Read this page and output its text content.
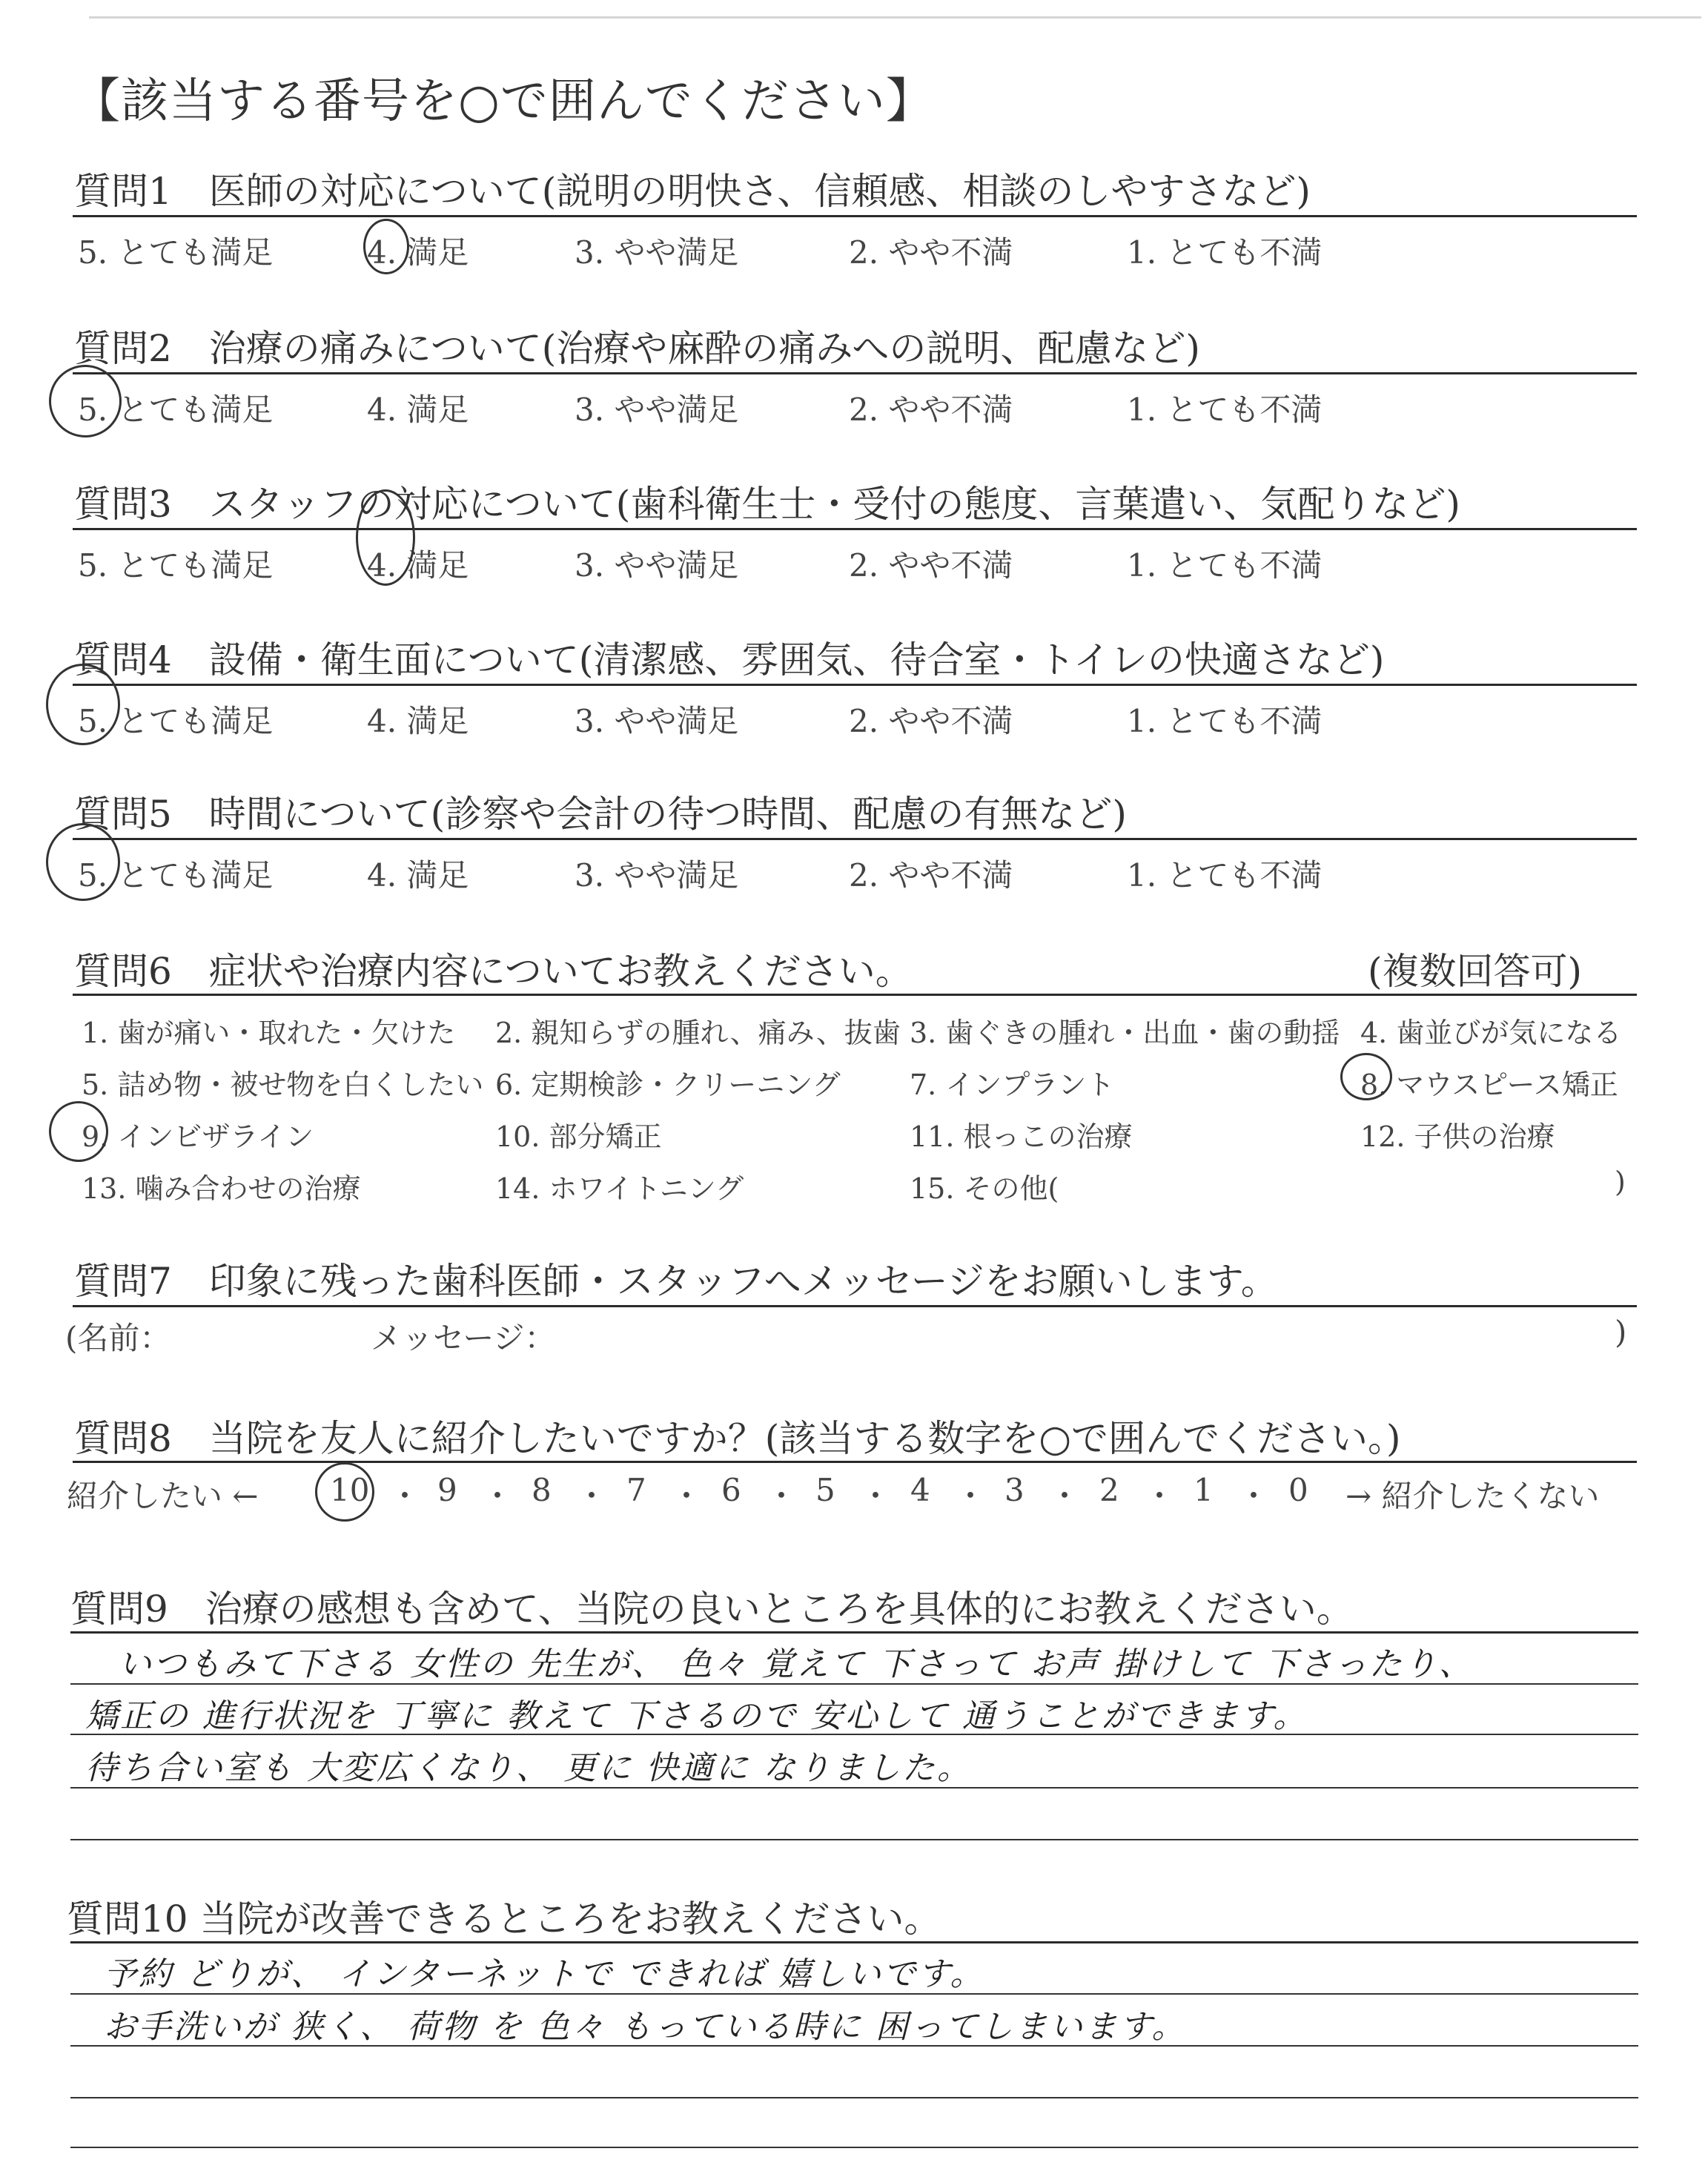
【該当する番号を○で囲んでください】
質問1　医師の対応について(説明の明快さ、信頼感、相談のしやすさなど)
5. とても満足	4. 満足	3. やや満足	2. やや不満	1. とても不満
質問2　治療の痛みについて(治療や麻酔の痛みへの説明、配慮など)
5. とても満足	4. 満足	3. やや満足	2. やや不満	1. とても不満
質問3　スタッフの対応について(歯科衛生士・受付の態度、言葉遣い、気配りなど)
5. とても満足	4. 満足	3. やや満足	2. やや不満	1. とても不満
質問4　設備・衛生面について(清潔感、雰囲気、待合室・トイレの快適さなど)
5. とても満足	4. 満足	3. やや満足	2. やや不満	1. とても不満
質問5　時間について(診察や会計の待つ時間、配慮の有無など)
5. とても満足	4. 満足	3. やや満足	2. やや不満	1. とても不満
質問6　症状や治療内容についてお教えください。	(複数回答可)
1. 歯が痛い・取れた・欠けた 2. 親知らずの腫れ、痛み、抜歯 3. 歯ぐきの腫れ・出血・歯の動揺 4. 歯並びが気になる
5. 詰め物・被せ物を白くしたい 6. 定期検診・クリーニング 7. インプラント	8. マウスピース矯正
9. インビザライン	10. 部分矯正	11. 根っこの治療	12. 子供の治療
13. 噛み合わせの治療	14. ホワイトニング	15. その他(	)
質問7　印象に残った歯科医師・スタッフへメッセージをお願いします。
(名前：	メッセージ：	)
質問8　当院を友人に紹介したいですか？(該当する数字を○で囲んでください。)
紹介したい ←	→ 紹介したくない
10 ・ 9 ・ 8 ・ 7 ・ 6 ・ 5 ・ 4 ・ 3 ・ 2 ・ 1 ・ 0
質問9　治療の感想も含めて、当院の良いところを具体的にお教えください。
いつもみて下さる 女性の 先生が、 色々 覚えて 下さって お声 掛けして 下さったり、
矯正の 進行状況を 丁寧に 教えて 下さるので 安心して 通うことができます。
待ち合い室も 大変広くなり、 更に 快適に なりました。
質問10 当院が改善できるところをお教えください。
予約 どりが、 インターネットで できれば 嬉しいです。
お手洗いが 狭く、 荷物 を 色々 もっている時に 困ってしまいます。
